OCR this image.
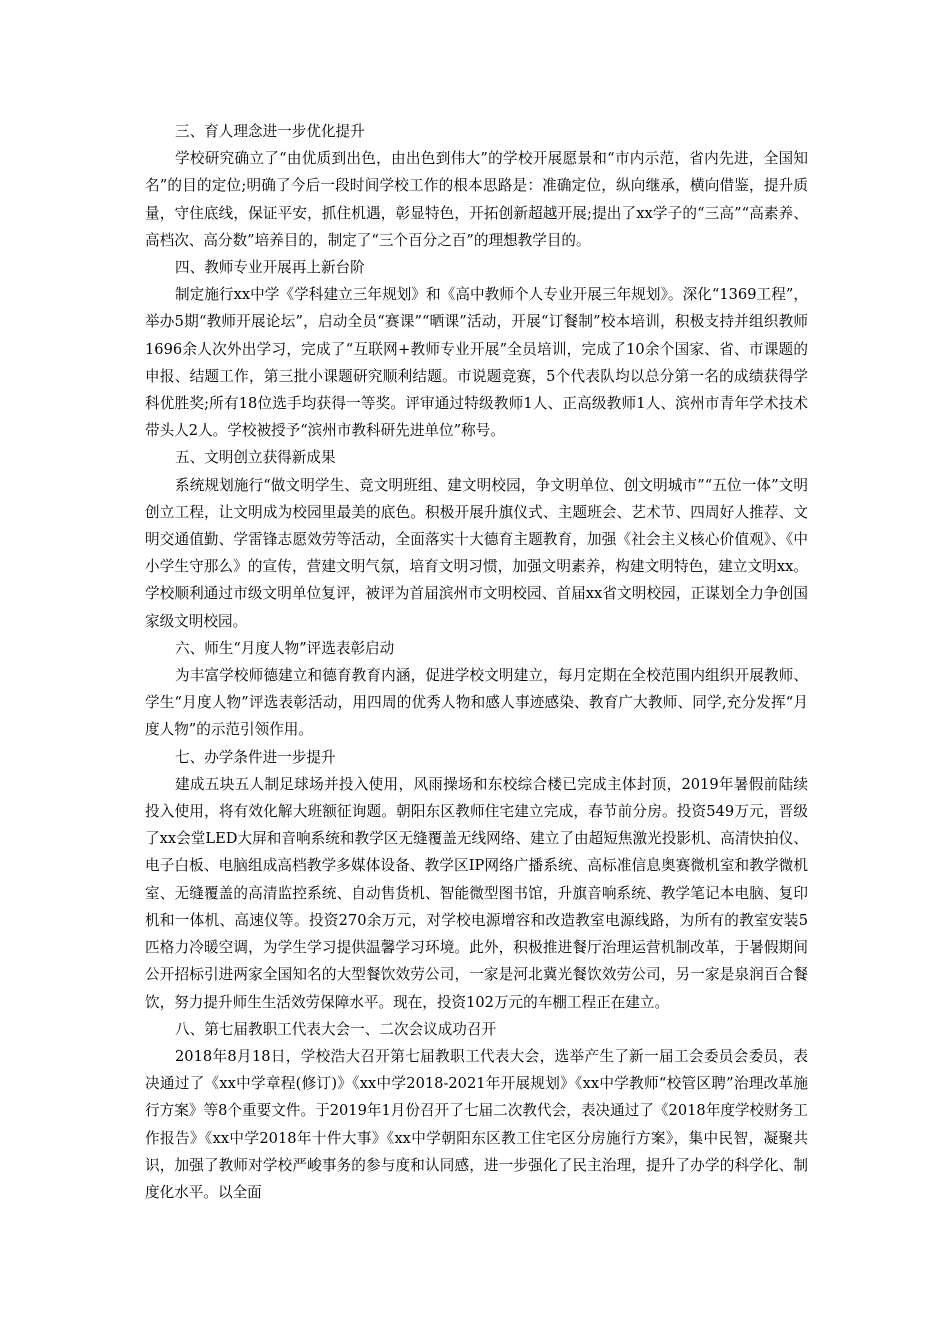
三、育人理念进一步优化提升

学校研究确立了“由优质到出色，由出色到伟大”的学校开展愿景和“市内示范，省内先进，全国知名”的目的定位;明确了今后一段时间学校工作的根本思路是：准确定位，纵向继承，横向借鉴，提升质量，守住底线，保证平安，抓住机遇，彰显特色，开拓创新超越开展;提出了xx学子的“三高”“高素养、高档次、高分数”培养目的，制定了“三个百分之百”的理想教学目的。

四、教师专业开展再上新台阶

制定施行xx中学《学科建立三年规划》和《高中教师个人专业开展三年规划》。深化“1369工程”，举办5期“教师开展论坛”，启动全员“赛课”“晒课”活动，开展“订餐制”校本培训，积极支持并组织教师1696余人次外出学习，完成了“互联网+教师专业开展”全员培训，完成了10余个国家、省、市课题的申报、结题工作，第三批小课题研究顺利结题。市说题竞赛，5个代表队均以总分第一名的成绩获得学科优胜奖;所有18位选手均获得一等奖。评审通过特级教师1人、正高级教师1人、滨州市青年学术技术带头人2人。学校被授予“滨州市教科研先进单位”称号。

五、文明创立获得新成果

系统规划施行“做文明学生、竞文明班组、建文明校园，争文明单位、创文明城市”“五位一体”文明创立工程，让文明成为校园里最美的底色。积极开展升旗仪式、主题班会、艺术节、四周好人推荐、文明交通值勤、学雷锋志愿效劳等活动，全面落实十大德育主题教育，加强《社会主义核心价值观》、《中小学生守那么》的宣传，营建文明气氛，培育文明习惯，加强文明素养，构建文明特色，建立文明xx。学校顺利通过市级文明单位复评，被评为首届滨州市文明校园、首届xx省文明校园，正谋划全力争创国家级文明校园。

六、师生“月度人物”评选表彰启动

为丰富学校师德建立和德育教育内涵，促进学校文明建立，每月定期在全校范围内组织开展教师、学生“月度人物”评选表彰活动，用四周的优秀人物和感人事迹感染、教育广大教师、同学,充分发挥“月度人物”的示范引领作用。

七、办学条件进一步提升

建成五块五人制足球场并投入使用，风雨操场和东校综合楼已完成主体封顶，2019年暑假前陆续投入使用，将有效化解大班额征询题。朝阳东区教师住宅建立完成，春节前分房。投资549万元，晋级了xx会堂LED大屏和音响系统和教学区无缝覆盖无线网络、建立了由超短焦激光投影机、高清快拍仪、电子白板、电脑组成高档教学多媒体设备、教学区IP网络广播系统、高标准信息奥赛微机室和教学微机室、无缝覆盖的高清监控系统、自动售货机、智能微型图书馆，升旗音响系统、教学笔记本电脑、复印机和一体机、高速仪等。投资270余万元，对学校电源增容和改造教室电源线路，为所有的教室安装5匹格力冷暖空调，为学生学习提供温馨学习环境。此外，积极推进餐厅治理运营机制改革，于暑假期间公开招标引进两家全国知名的大型餐饮效劳公司，一家是河北冀光餐饮效劳公司，另一家是泉润百合餐饮，努力提升师生生活效劳保障水平。现在，投资102万元的车棚工程正在建立。

八、第七届教职工代表大会一、二次会议成功召开

2018年8月18日，学校浩大召开第七届教职工代表大会，选举产生了新一届工会委员会委员，表决通过了《xx中学章程(修订)》《xx中学2018-2021年开展规划》《xx中学教师“校管区聘”治理改革施行方案》等8个重要文件。于2019年1月份召开了七届二次教代会，表决通过了《2018年度学校财务工作报告》《xx中学2018年十件大事》《xx中学朝阳东区教工住宅区分房施行方案》，集中民智，凝聚共识，加强了教师对学校严峻事务的参与度和认同感，进一步强化了民主治理，提升了办学的科学化、制度化水平。以全面
